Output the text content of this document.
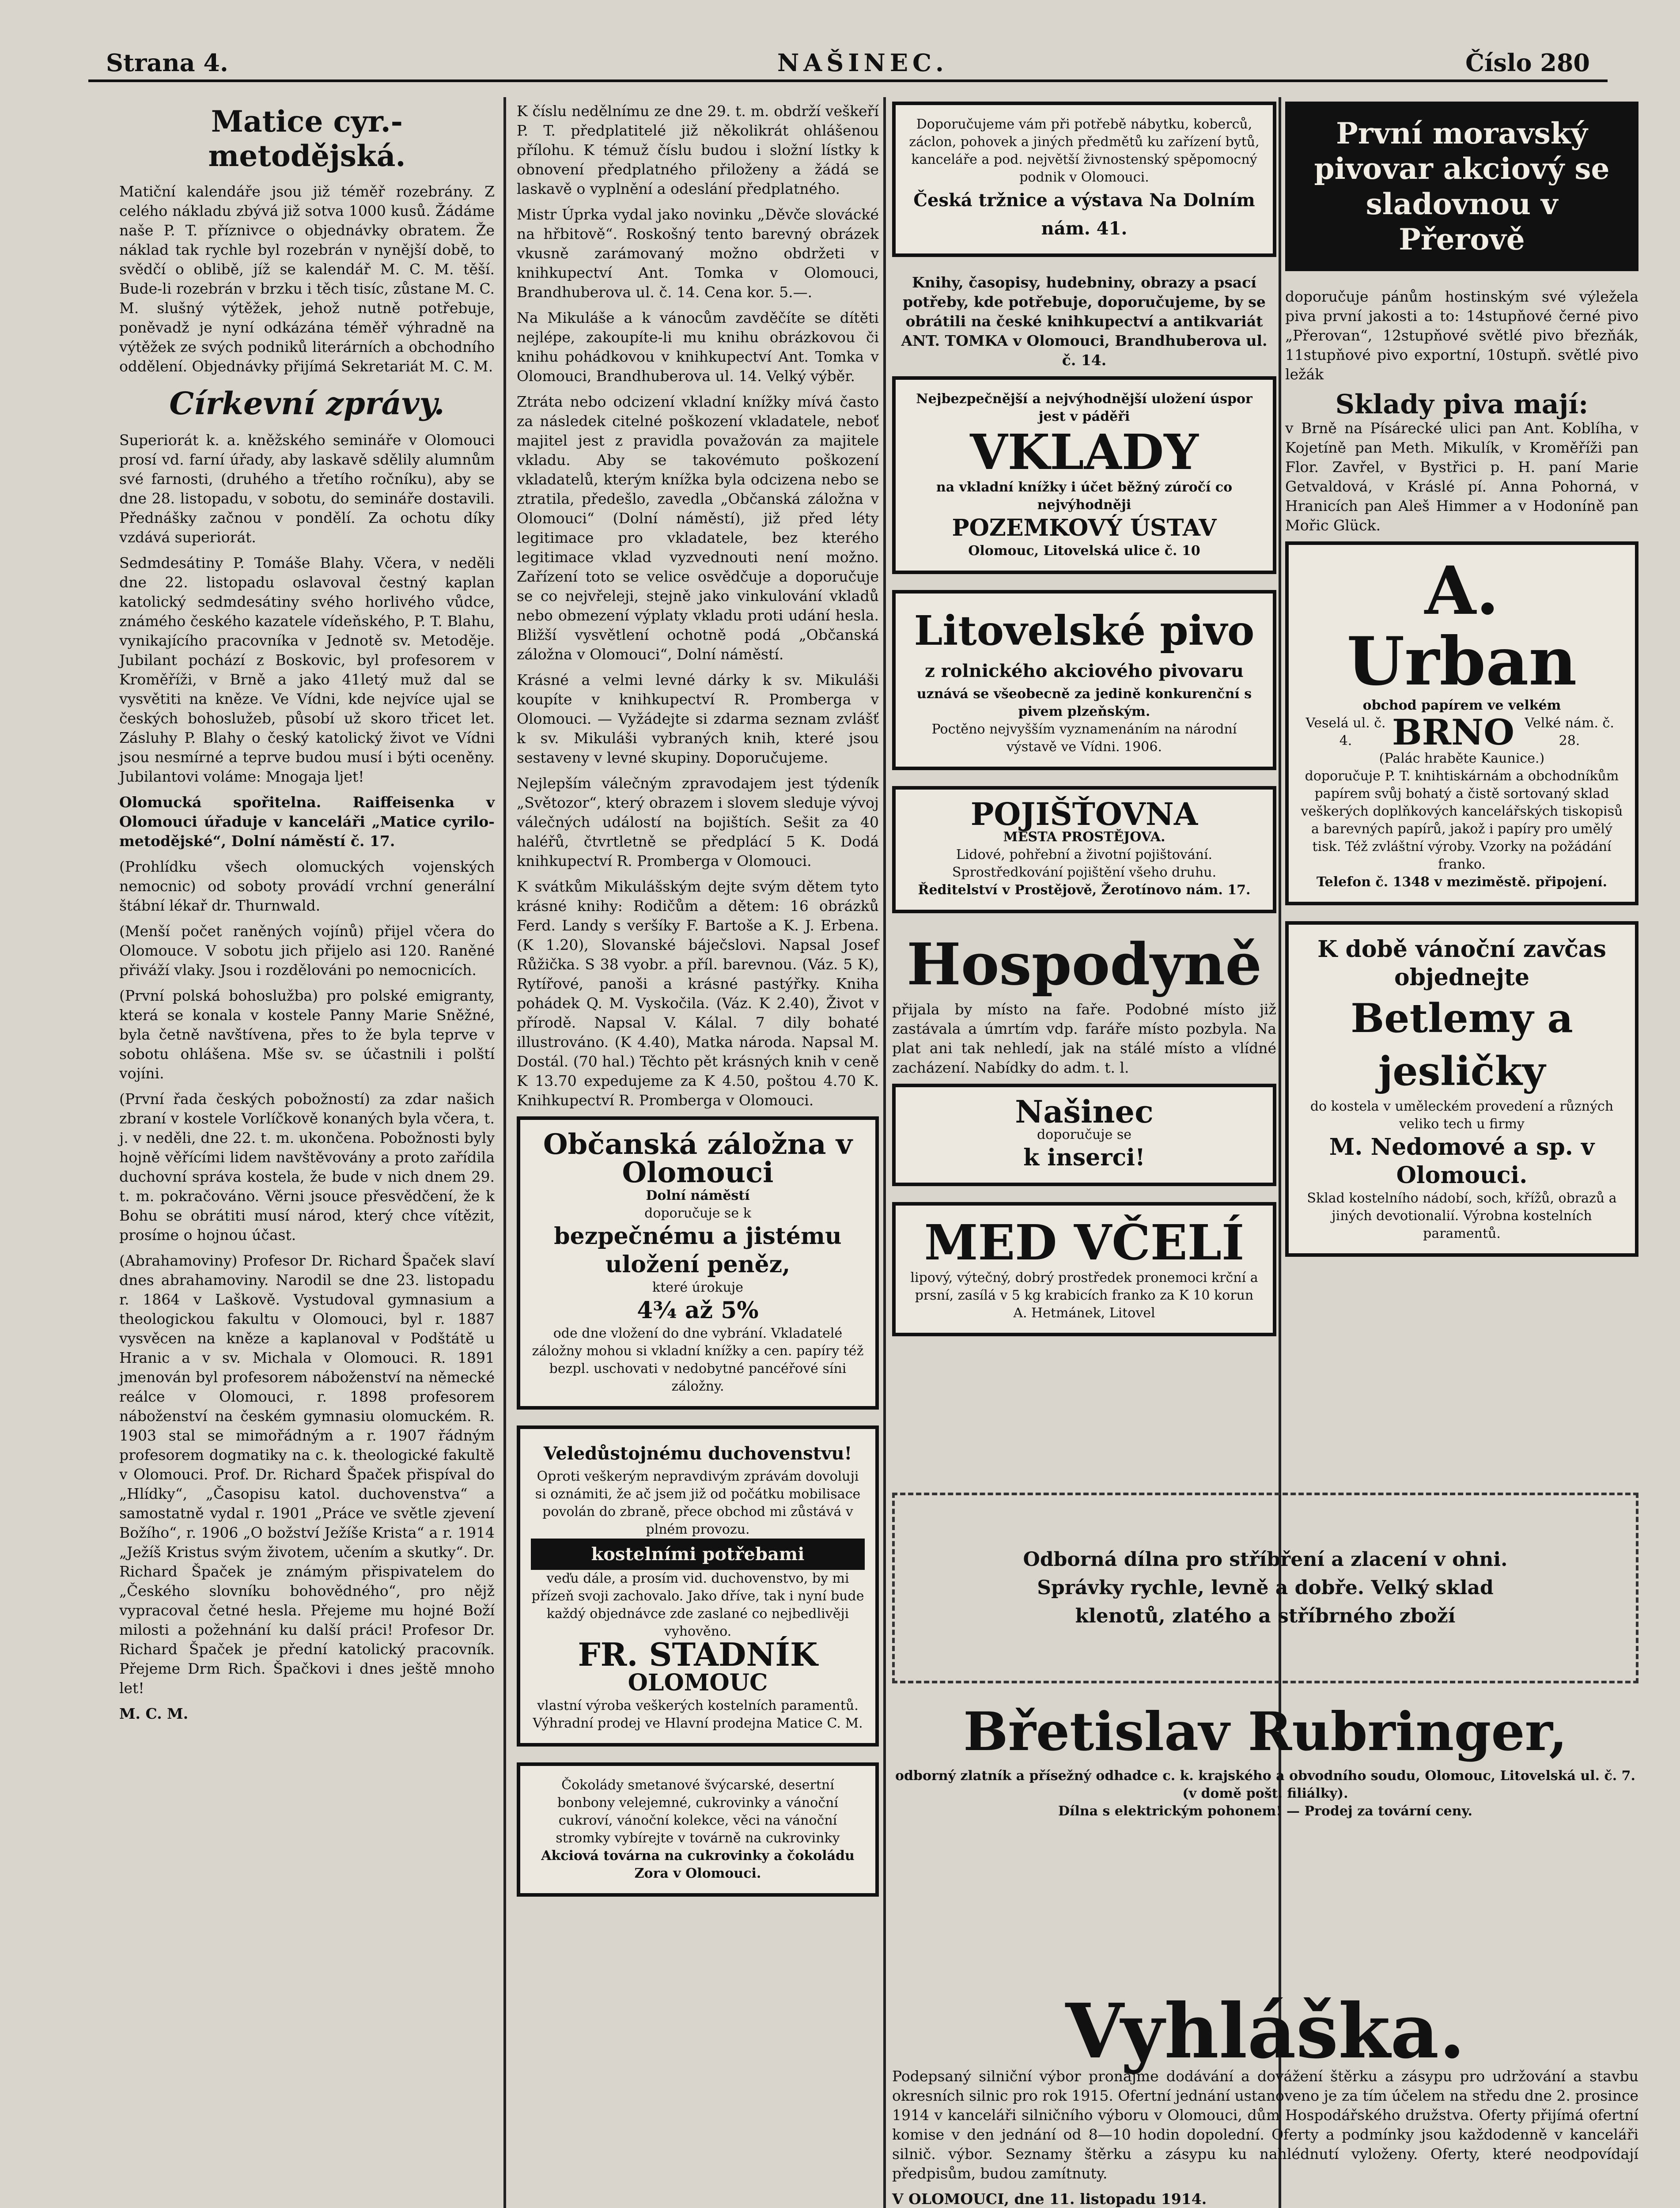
Strana 4.	NAŠINEC.	Číslo 280
Matice cyr.-metodějská.

Matiční kalendáře jsou již téměř rozebrány. Z celého nákladu zbývá již sotva 1000 kusů. Žádáme naše P. T. příznivce o objednávky obratem. Že náklad tak rychle byl rozebrán v nynější době, to svědčí o oblibě, jíž se kalendář M. C. M. těší. Bude-li rozebrán v brzku i těch tisíc, zůstane M. C. M. slušný výtěžek, jehož nutně potřebuje, poněvadž je nyní odkázána téměř výhradně na výtěžek ze svých podniků literárních a obchodního oddělení. Objednávky přijímá Sekretariát M. C. M.

Církevní zprávy.

Superiorát k. a. kněžského semináře v Olomouci prosí vd. farní úřady, aby laskavě sdělily alumnům své farnosti, (druhého a třetího ročníku), aby se dne 28. listopadu, v sobotu, do semináře dostavili. Přednášky začnou v pondělí. Za ochotu díky vzdává superiorát.

Sedmdesátiny P. Tomáše Blahy. Včera, v neděli dne 22. listopadu oslavoval čestný kaplan katolický sedmdesátiny svého horlivého vůdce, známého českého kazatele vídeňského, P. T. Blahu, vynikajícího pracovníka v Jednotě sv. Metoděje. Jubilant pochází z Boskovic, byl profesorem v Kroměříži, v Brně a jako 41letý muž dal se vysvětiti na kněze. Ve Vídni, kde nejvíce ujal se českých bohoslužeb, působí už skoro třicet let. Zásluhy P. Blahy o český katolický život ve Vídni jsou nesmírné a teprve budou musí i býti oceněny. Jubilantovi voláme: Mnogaja ljet!

Olomucká spořitelna. Raiffeisenka v Olomouci úřaduje v kanceláři „Matice cyrilo-metodějské“, Dolní náměstí č. 17.

(Prohlídku všech olomuckých vojenských nemocnic) od soboty provádí vrchní generální štábní lékař dr. Thurnwald.

(Menší počet raněných vojínů) přijel včera do Olomouce. V sobotu jich přijelo asi 120. Raněné přiváží vlaky. Jsou i rozdělováni po nemocnicích.

(První polská bohoslužba) pro polské emigranty, která se konala v kostele Panny Marie Sněžné, byla četně navštívena, přes to že byla teprve v sobotu ohlášena. Mše sv. se účastnili i polští vojíni.

(První řada českých pobožností) za zdar našich zbraní v kostele Vorlíčkově konaných byla včera, t. j. v neděli, dne 22. t. m. ukončena. Pobožnosti byly hojně věřícími lidem navštěvovány a proto zařídila duchovní správa kostela, že bude v nich dnem 29. t. m. pokračováno. Věrni jsouce přesvědčení, že k Bohu se obrátiti musí národ, který chce vítězit, prosíme o hojnou účast.

(Abrahamoviny) Profesor Dr. Richard Špaček slaví dnes abrahamoviny. Narodil se dne 23. listopadu r. 1864 v Laškově. Vystudoval gymnasium a theologickou fakultu v Olomouci, byl r. 1887 vysvěcen na kněze a kaplanoval v Podštátě u Hranic a v sv. Michala v Olomouci. R. 1891 jmenován byl profesorem náboženství na německé reálce v Olomouci, r. 1898 profesorem náboženství na českém gymnasiu olomuckém. R. 1903 stal se mimořádným a r. 1907 řádným profesorem dogmatiky na c. k. theologické fakultě v Olomouci. Prof. Dr. Richard Špaček přispíval do „Hlídky“, „Časopisu katol. duchovenstva“ a samostatně vydal r. 1901 „Práce ve světle zjevení Božího“, r. 1906 „O božství Ježíše Krista“ a r. 1914 „Ježíš Kristus svým životem, učením a skutky“. Dr. Richard Špaček je známým přispivatelem do „Českého slovníku bohovědného“, pro nějž vypracoval četné hesla. Přejeme mu hojné Boží milosti a požehnání ku další práci! Profesor Dr. Richard Špaček je přední katolický pracovník. Přejeme Drm Rich. Špačkovi i dnes ještě mnoho let!

M. C. M.

K číslu nedělnímu ze dne 29. t. m. obdrží veškeří P. T. předplatitelé již několikrát ohlášenou přílohu. K témuž číslu budou i složní lístky k obnovení předplatného přiloženy a žádá se laskavě o vyplnění a odeslání předplatného.

Mistr Úprka vydal jako novinku „Děvče slovácké na hřbitově“. Roskošný tento barevný obrázek vkusně zarámovaný možno obdržeti v knihkupectví Ant. Tomka v Olomouci, Brandhuberova ul. č. 14. Cena kor. 5.—.

Na Mikuláše a k vánocům zavděčíte se dítěti nejlépe, zakoupíte-li mu knihu obrázkovou či knihu pohádkovou v knihkupectví Ant. Tomka v Olomouci, Brandhuberova ul. 14. Velký výběr.

Ztráta nebo odcizení vkladní knížky mívá často za následek citelné poškození vkladatele, neboť majitel jest z pravidla považován za majitele vkladu. Aby se takovémuto poškození vkladatelů, kterým knížka byla odcizena nebo se ztratila, předešlo, zavedla „Občanská záložna v Olomouci“ (Dolní náměstí), již před léty legitimace pro vkladatele, bez kterého legitimace vklad vyzvednouti není možno. Zařízení toto se velice osvědčuje a doporučuje se co nejvřeleji, stejně jako vinkulování vkladů nebo obmezení výplaty vkladu proti udání hesla. Bližší vysvětlení ochotně podá „Občanská záložna v Olomouci“, Dolní náměstí.

Krásné a velmi levné dárky k sv. Mikuláši koupíte v knihkupectví R. Promberga v Olomouci. — Vyžádejte si zdarma seznam zvlášť k sv. Mikuláši vybraných knih, které jsou sestaveny v levné skupiny. Doporučujeme.

Nejlepším válečným zpravodajem jest týdeník „Světozor“, který obrazem i slovem sleduje vývoj válečných událostí na bojištích. Sešit za 40 haléřů, čtvrtletně se předplácí 5 K. Dodá knihkupectví R. Promberga v Olomouci.

K svátkům Mikulášským dejte svým dětem tyto krásné knihy: Rodičům a dětem: 16 obrázků Ferd. Landy s veršíky F. Bartoše a K. J. Erbena. (K 1.20), Slovanské báječslovi. Napsal Josef Růžička. S 38 vyobr. a příl. barevnou. (Váz. 5 K), Rytířové, panoši a krásné pastýřky. Kniha pohádek Q. M. Vyskočila. (Váz. K 2.40), Život v přírodě. Napsal V. Kálal. 7 dily bohaté illustrováno. (K 4.40), Matka národa. Napsal M. Dostál. (70 hal.) Těchto pět krásných knih v ceně K 13.70 expedujeme za K 4.50, poštou 4.70 K. Knihkupectví R. Promberga v Olomouci.

Občanská záložna v Olomouci
Dolní náměstí
doporučuje se k
bezpečnému a jistému uložení peněz,
které úrokuje
4¾ až 5%
ode dne vložení do dne vybrání. Vkladatelé záložny mohou si vkladní knížky a cen. papíry též bezpl. uschovati v nedobytné pancéřové síni záložny.
Veledůstojnému duchovenstvu!
Oproti veškerým nepravdivým zprávám dovoluji si oznámiti, že ač jsem již od počátku mobilisace povolán do zbraně, přece obchod mi zůstává v plném provozu.
kostelními potřebami
veďu dále, a prosím vid. duchovenstvo, by mi přízeň svoji zachovalo. Jako dříve, tak i nyní bude každý objednávce zde zaslané co nejbedlivěji vyhověno.
FR. STADNÍK
OLOMOUC
vlastní výroba veškerých kostelních paramentů. Výhradní prodej ve Hlavní prodejna Matice C. M.
Čokolády smetanové švýcarské, desertní bonbony velejemné, cukrovinky a vánoční cukroví, vánoční kolekce, věci na vánoční stromky vybírejte v továrně na cukrovinky
Akciová továrna na cukrovinky a čokoládu Zora v Olomouci.
Doporučujeme vám při potřebě nábytku, koberců, záclon, pohovek a jiných předmětů ku zařízení bytů, kanceláře a pod. největší živnostenský spěpomocný podnik v Olomouci.
Česká tržnice a výstava Na Dolním nám. 41.

Knihy, časopisy, hudebniny, obrazy a psací potřeby, kde potřebuje, doporučujeme, by se obrátili na české knihkupectví a antikvariát ANT. TOMKA v Olomouci, Brandhuberova ul. č. 14.

Nejbezpečnější a nejvýhodnější uložení úspor jest v páděři
VKLADY
na vkladní knížky i účet běžný zúročí co nejvýhodněji
POZEMKOVÝ ÚSTAV
Olomouc, Litovelská ulice č. 10
Litovelské pivo
z rolnického akciového pivovaru
uznává se všeobecně za jedině konkurenční s pivem plzeňským.
Poctěno nejvyšším vyznamenáním na národní výstavě ve Vídni. 1906.
POJIŠŤOVNA
MĚSTA PROSTĚJOVA.
Lidové, pohřební a životní pojištování. Sprostředkování pojištění všeho druhu.
Ředitelství v Prostějově, Žerotínovo nám. 17.
Hospodyně

přijala by místo na faře. Podobné místo již zastávala a úmrtím vdp. faráře místo pozbyla. Na plat ani tak nehledí, jak na stálé místo a vlídné zacházení. Nabídky do adm. t. l.

Našinec
doporučuje se
k inserci!
MED VČELÍ
lipový, výtečný, dobrý prostředek pronemoci krční a prsní, zasílá v 5 kg krabicích franko za K 10 korun A. Hetmánek, Litovel
První moravský pivovar akciový se sladovnou v Přerově

doporučuje pánům hostinským své výležela piva první jakosti a to: 14stupňové černé pivo „Přerovan“, 12stupňové světlé pivo březňák, 11stupňové pivo exportní, 10stupň. světlé pivo ležák

Sklady piva mají:

v Brně na Písárecké ulici pan Ant. Koblíha, v Kojetíně pan Meth. Mikulík, v Kroměříži pan Flor. Zavřel, v Bystřici p. H. paní Marie Getvaldová, v Kráslé pí. Anna Pohorná, v Hranicích pan Aleš Himmer a v Hodoníně pan Mořic Glück.

A. Urban
obchod papírem ve velkém
Veselá ul. č. 4.	BRNO Velké nám. č. 28.
(Palác hraběte Kaunice.)
doporučuje P. T. knihtiskárnám a obchodníkům papírem svůj bohatý a čistě sortovaný sklad veškerých doplňkových kancelářských tiskopisů a barevných papírů, jakož i papíry pro umělý tisk. Též zvláštní výroby. Vzorky na požádání franko.
Telefon č. 1348 v meziměstě. připojení.
K době vánoční zavčas objednejte
Betlemy a jesličky
do kostela v uměleckém provedení a různých veliko tech u firmy
M. Nedomové a sp. v Olomouci.
Sklad kostelního nádobí, soch, křížů, obrazů a jiných devotionalií. Výrobna kostelních paramentů.
Odborná dílna pro stříbření a zlacení v ohni. Správky rychle, levně a dobře. Velký sklad klenotů, zlatého a stříbrného zboží
Břetislav Rubringer,
odborný zlatník a přísežný odhadce c. k. krajského a obvodního soudu, Olomouc, Litovelská ul. č. 7. (v domě pošt. filiálky).
Dílna s elektrickým pohonem! — Prodej za tovární ceny.
Vyhláška.

Podepsaný silniční výbor pronajme dodávání a dovážení štěrku a zásypu pro udržování a stavbu okresních silnic pro rok 1915. Ofertní jednání ustanoveno je za tím účelem na středu dne 2. prosince 1914 v kanceláři silničního výboru v Olomouci, dům Hospodářského družstva. Oferty přijímá ofertní komise v den jednání od 8—10 hodin dopolední. Oferty a podmínky jsou každodenně v kanceláři silnič. výbor. Seznamy štěrku a zásypu ku nahlédnutí vyloženy. Oferty, které neodpovídají předpisům, budou zamítnuty.

V OLOMOUCI, dne 11. listopadu 1914.
